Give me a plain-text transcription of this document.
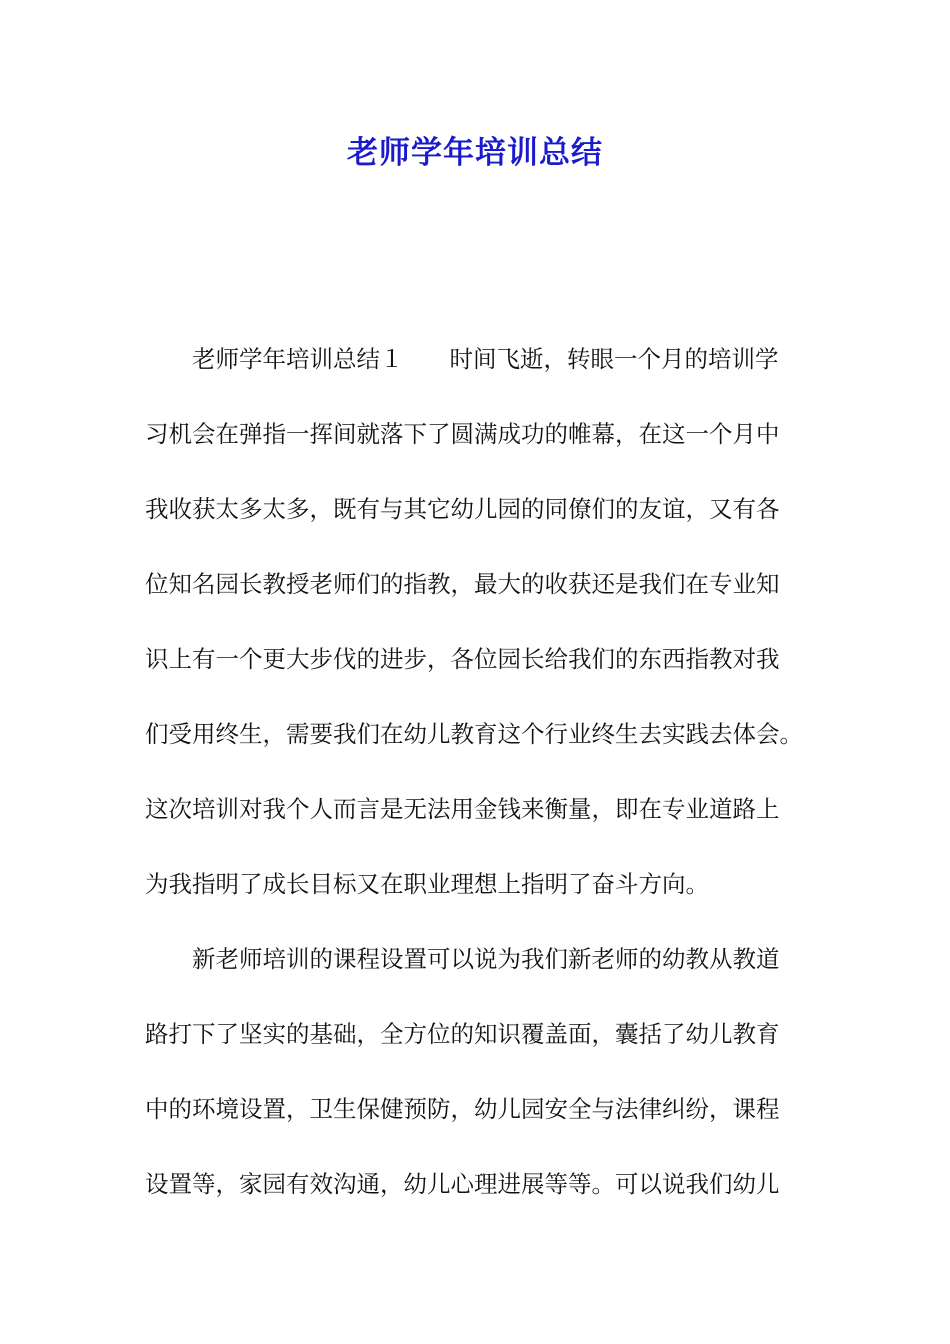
老师学年培训总结
老师学年培训总结１ 时间飞逝，转眼一个月的培训学
习机会在弹指一挥间就落下了圆满成功的帷幕，在这一个月中
我收获太多太多，既有与其它幼儿园的同僚们的友谊，又有各
位知名园长教授老师们的指教，最大的收获还是我们在专业知
识上有一个更大步伐的进步，各位园长给我们的东西指教对我
们受用终生，需要我们在幼儿教育这个行业终生去实践去体会。
这次培训对我个人而言是无法用金钱来衡量，即在专业道路上
为我指明了成长目标又在职业理想上指明了奋斗方向。
新老师培训的课程设置可以说为我们新老师的幼教从教道
路打下了坚实的基础，全方位的知识覆盖面，囊括了幼儿教育
中的环境设置，卫生保健预防，幼儿园安全与法律纠纷，课程
设置等，家园有效沟通，幼儿心理进展等等。可以说我们幼儿
